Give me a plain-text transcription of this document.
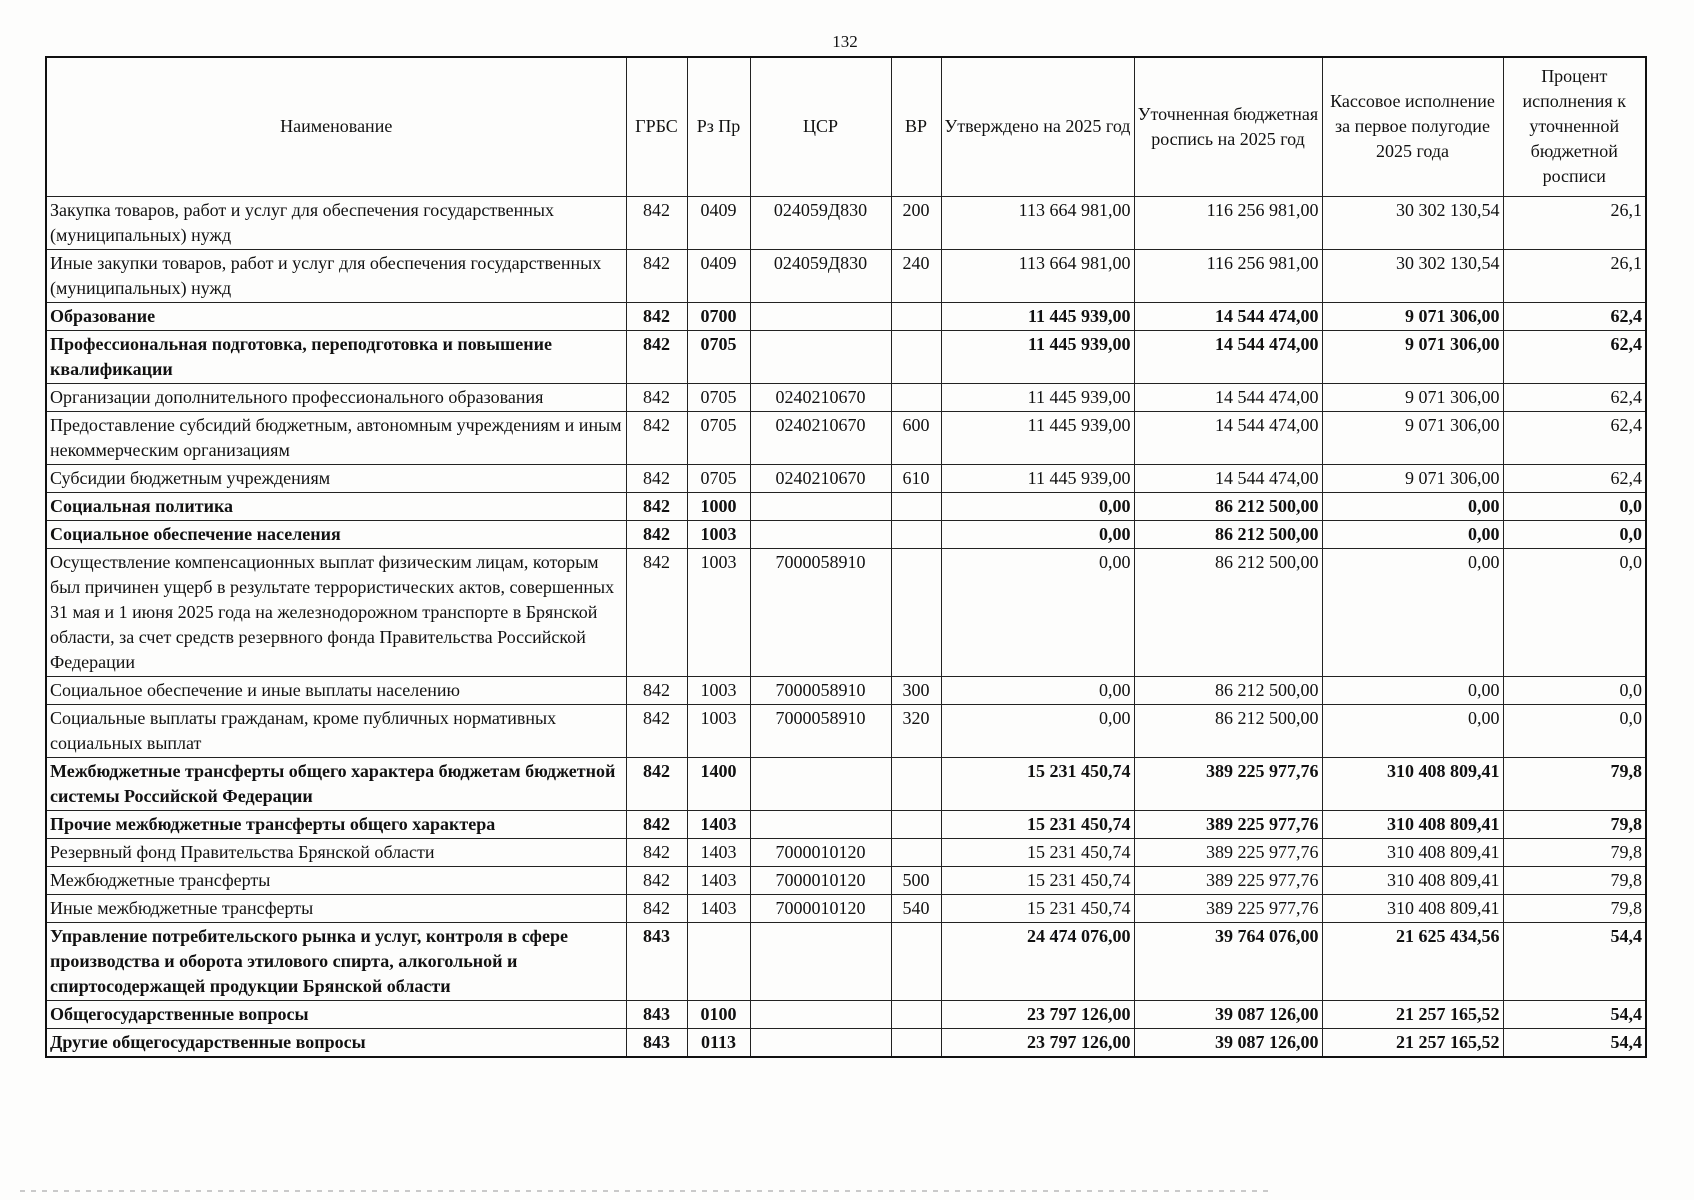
132
Наименование	ГРБС	Рз Пр	ЦСР	ВР	Утверждено на 2025 год	Уточненная бюджетная роспись на 2025 год	Кассовое исполнение за первое полугодие 2025 года	Процент исполнения к уточненной бюджетной росписи
Закупка товаров, работ и услуг для обеспечения государственных (муниципальных) нужд	842	0409	024059Д830	200	113 664 981,00	116 256 981,00	30 302 130,54	26,1
Иные закупки товаров, работ и услуг для обеспечения государственных (муниципальных) нужд	842	0409	024059Д830	240	113 664 981,00	116 256 981,00	30 302 130,54	26,1
Образование	842	0700			11 445 939,00	14 544 474,00	9 071 306,00	62,4
Профессиональная подготовка, переподготовка и повышение квалификации	842	0705			11 445 939,00	14 544 474,00	9 071 306,00	62,4
Организации дополнительного профессионального образования	842	0705	0240210670		11 445 939,00	14 544 474,00	9 071 306,00	62,4
Предоставление субсидий бюджетным, автономным учреждениям и иным некоммерческим организациям	842	0705	0240210670	600	11 445 939,00	14 544 474,00	9 071 306,00	62,4
Субсидии бюджетным учреждениям	842	0705	0240210670	610	11 445 939,00	14 544 474,00	9 071 306,00	62,4
Социальная политика	842	1000			0,00	86 212 500,00	0,00	0,0
Социальное обеспечение населения	842	1003			0,00	86 212 500,00	0,00	0,0
Осуществление компенсационных выплат физическим лицам, которым был причинен ущерб в результате террористических актов, совершенных 31 мая и 1 июня 2025 года на железнодорожном транспорте в Брянской области, за счет средств резервного фонда Правительства Российской Федерации	842	1003	7000058910		0,00	86 212 500,00	0,00	0,0
Социальное обеспечение и иные выплаты населению	842	1003	7000058910	300	0,00	86 212 500,00	0,00	0,0
Социальные выплаты гражданам, кроме публичных нормативных социальных выплат	842	1003	7000058910	320	0,00	86 212 500,00	0,00	0,0
Межбюджетные трансферты общего характера бюджетам бюджетной системы Российской Федерации	842	1400			15 231 450,74	389 225 977,76	310 408 809,41	79,8
Прочие межбюджетные трансферты общего характера	842	1403			15 231 450,74	389 225 977,76	310 408 809,41	79,8
Резервный фонд Правительства Брянской области	842	1403	7000010120		15 231 450,74	389 225 977,76	310 408 809,41	79,8
Межбюджетные трансферты	842	1403	7000010120	500	15 231 450,74	389 225 977,76	310 408 809,41	79,8
Иные межбюджетные трансферты	842	1403	7000010120	540	15 231 450,74	389 225 977,76	310 408 809,41	79,8
Управление потребительского рынка и услуг, контроля в сфере производства и оборота этилового спирта, алкогольной и спиртосодержащей продукции Брянской области	843				24 474 076,00	39 764 076,00	21 625 434,56	54,4
Общегосударственные вопросы	843	0100			23 797 126,00	39 087 126,00	21 257 165,52	54,4
Другие общегосударственные вопросы	843	0113			23 797 126,00	39 087 126,00	21 257 165,52	54,4
